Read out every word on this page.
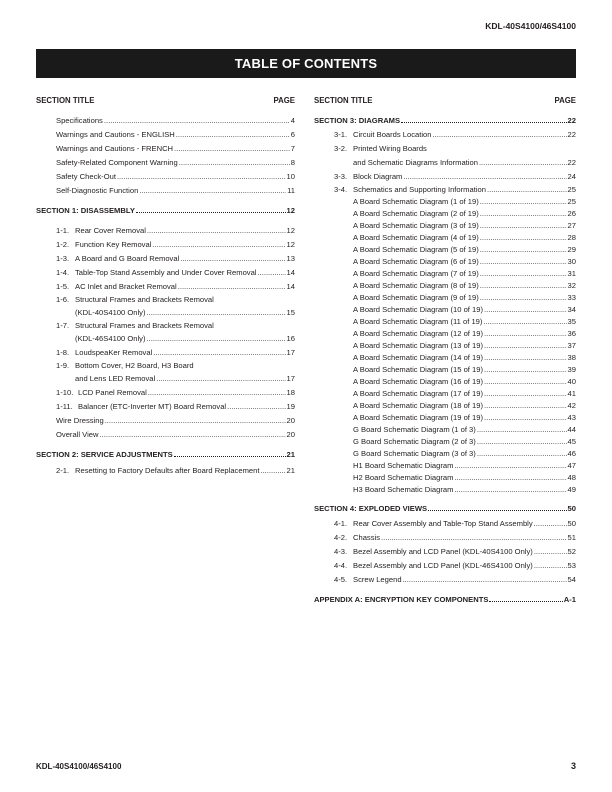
KDL-40S4100/46S4100
TABLE OF CONTENTS
SECTION TITLE	PAGE
Specifications .....	4
Warnings and Cautions - ENGLISH .....	6
Warnings and Cautions - FRENCH .....	7
Safety-Related Component Warning .....	8
Safety Check-Out .....	10
Self-Diagnostic Function .....	11
SECTION 1: DISASSEMBLY	12
1-1. Rear Cover Removal .....	12
1-2. Function Key Removal .....	12
1-3. A Board and G Board Removal .....	13
1-4. Table-Top Stand Assembly and Under Cover Removal .....	14
1-5. AC Inlet and Bracket Removal .....	14
1-6. Structural Frames and Brackets Removal
(KDL-40S4100 Only) .....	15
1-7. Structural Frames and Brackets Removal
(KDL-46S4100 Only) .....	16
1-8. LoudspeaKer Removal .....	17
1-9. Bottom Cover, H2 Board, H3 Board
and Lens LED Removal .....	17
1-10. LCD Panel Removal .....	18
1-11. Balancer (ETC-Inverter MT) Board Removal .....	19
Wire Dressing .....	20
Overall View .....	20
SECTION 2: SERVICE ADJUSTMENTS	21
2-1. Resetting to Factory Defaults after Board Replacement .....	21
SECTION TITLE	PAGE
SECTION 3: DIAGRAMS	22
3-1. Circuit Boards Location .....	22
3-2. Printed Wiring Boards
and Schematic Diagrams Information .....	22
3-3. Block Diagram .....	24
3-4. Schematics and Supporting Information .....	25
A Board Schematic Diagram (1 of 19) .....	25
A Board Schematic Diagram (2 of 19) .....	26
A Board Schematic Diagram (3 of 19) .....	27
A Board Schematic Diagram (4 of 19) .....	28
A Board Schematic Diagram (5 of 19) .....	29
A Board Schematic Diagram (6 of 19) .....	30
A Board Schematic Diagram (7 of 19) .....	31
A Board Schematic Diagram (8 of 19) .....	32
A Board Schematic Diagram (9 of 19) .....	33
A Board Schematic Diagram (10 of 19) .....	34
A Board Schematic Diagram (11 of 19) .....	35
A Board Schematic Diagram (12 of 19) .....	36
A Board Schematic Diagram (13 of 19) .....	37
A Board Schematic Diagram (14 of 19) .....	38
A Board Schematic Diagram (15 of 19) .....	39
A Board Schematic Diagram (16 of 19) .....	40
A Board Schematic Diagram (17 of 19) .....	41
A Board Schematic Diagram (18 of 19) .....	42
A Board Schematic Diagram (19 of 19) .....	43
G Board Schematic Diagram (1 of 3) .....	44
G Board Schematic Diagram (2 of 3) .....	45
G Board Schematic Diagram (3 of 3) .....	46
H1 Board Schematic Diagram .....	47
H2 Board Schematic Diagram .....	48
H3 Board Schematic Diagram .....	49
SECTION 4: EXPLODED VIEWS	50
4-1. Rear Cover Assembly and Table-Top Stand Assembly .....	50
4-2. Chassis .....	51
4-3. Bezel Assembly and LCD Panel (KDL-40S4100 Only) .....	52
4-4. Bezel Assembly and LCD Panel (KDL-46S4100 Only) .....	53
4-5. Screw Legend .....	54
APPENDIX A: ENCRYPTION KEY COMPONENTS	A-1
KDL-40S4100/46S4100	3
